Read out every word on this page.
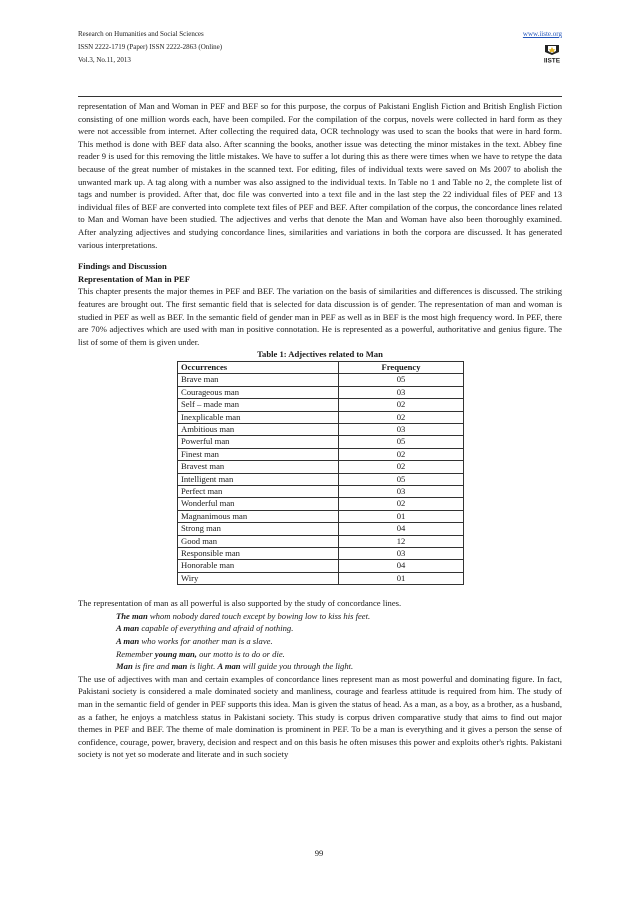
Research on Humanities and Social Sciences
ISSN 2222-1719 (Paper) ISSN 2222-2863 (Online)
Vol.3, No.11, 2013
www.iiste.org
IISTE

representation of Man and Woman in PEF and BEF so for this purpose, the corpus of Pakistani English Fiction and British English Fiction consisting of one million words each, have been compiled. For the compilation of the corpus, novels were collected in hard form as they were not accessible from internet. After collecting the required data, OCR technology was used to scan the books that were in hard form. This method is done with BEF data also. After scanning the books, another issue was detecting the minor mistakes in the text. Abbey fine reader 9 is used for this removing the little mistakes. We have to suffer a lot during this as there were times when we have to retype the data because of the great number of mistakes in the scanned text. For editing, files of individual texts were saved on Ms 2007 to abolish the unwanted mark up. A tag along with a number was also assigned to the individual texts. In Table no 1 and Table no 2, the complete list of tags and number is provided. After that, doc file was converted into a text file and in the last step the 22 individual files of PEF and 13 individual files of BEF are converted into complete text files of PEF and BEF. After compilation of the corpus, the concordance lines related to Man and Woman have been studied. The adjectives and verbs that denote the Man and Woman have also been thoroughly examined. After analyzing adjectives and studying concordance lines, similarities and variations in both the corpora are discussed. It has generated various interpretations.

Findings and Discussion

Representation of Man in PEF

This chapter presents the major themes in PEF and BEF. The variation on the basis of similarities and differences is discussed. The striking features are brought out. The first semantic field that is selected for data discussion is of gender. The representation of man and woman is studied in PEF as well as BEF. In the semantic field of gender man in PEF as well as in BEF is the most high frequency word. In PEF, there are 70% adjectives which are used with man in positive connotation. He is represented as a powerful, authoritative and genius figure. The list of some of them is given under.

Table 1: Adjectives related to Man

Occurrences	Frequency
Brave man	05
Courageous man	03
Self – made man	02
Inexplicable man	02
Ambitious man	03
Powerful man	05
Finest man	02
Bravest man	02
Intelligent man	05
Perfect man	03
Wonderful man	02
Magnanimous man	01
Strong man	04
Good man	12
Responsible man	03
Honorable man	04
Wiry	01

The representation of man as all powerful is also supported by the study of concordance lines.

The man whom nobody dared touch except by bowing low to kiss his feet.
A man capable of everything and afraid of nothing.
A man who works for another man is a slave.
Remember young man, our motto is to do or die.
Man is fire and man is light. A man will guide you through the light.

The use of adjectives with man and certain examples of concordance lines represent man as most powerful and dominating figure. In fact, Pakistani society is considered a male dominated society and manliness, courage and fearless attitude is required from him. The study of man in the semantic field of gender in PEF supports this idea. Man is given the status of head. As a man, as a boy, as a brother, as a husband, as a father, he enjoys a matchless status in Pakistani society. This study is corpus driven comparative study that aims to find out major themes in PEF and BEF. The theme of male domination is prominent in PEF. To be a man is everything and it gives a person the sense of confidence, courage, power, bravery, decision and respect and on this basis he often misuses this power and exploits other's rights. Pakistani society is not yet so moderate and literate and in such society

99
